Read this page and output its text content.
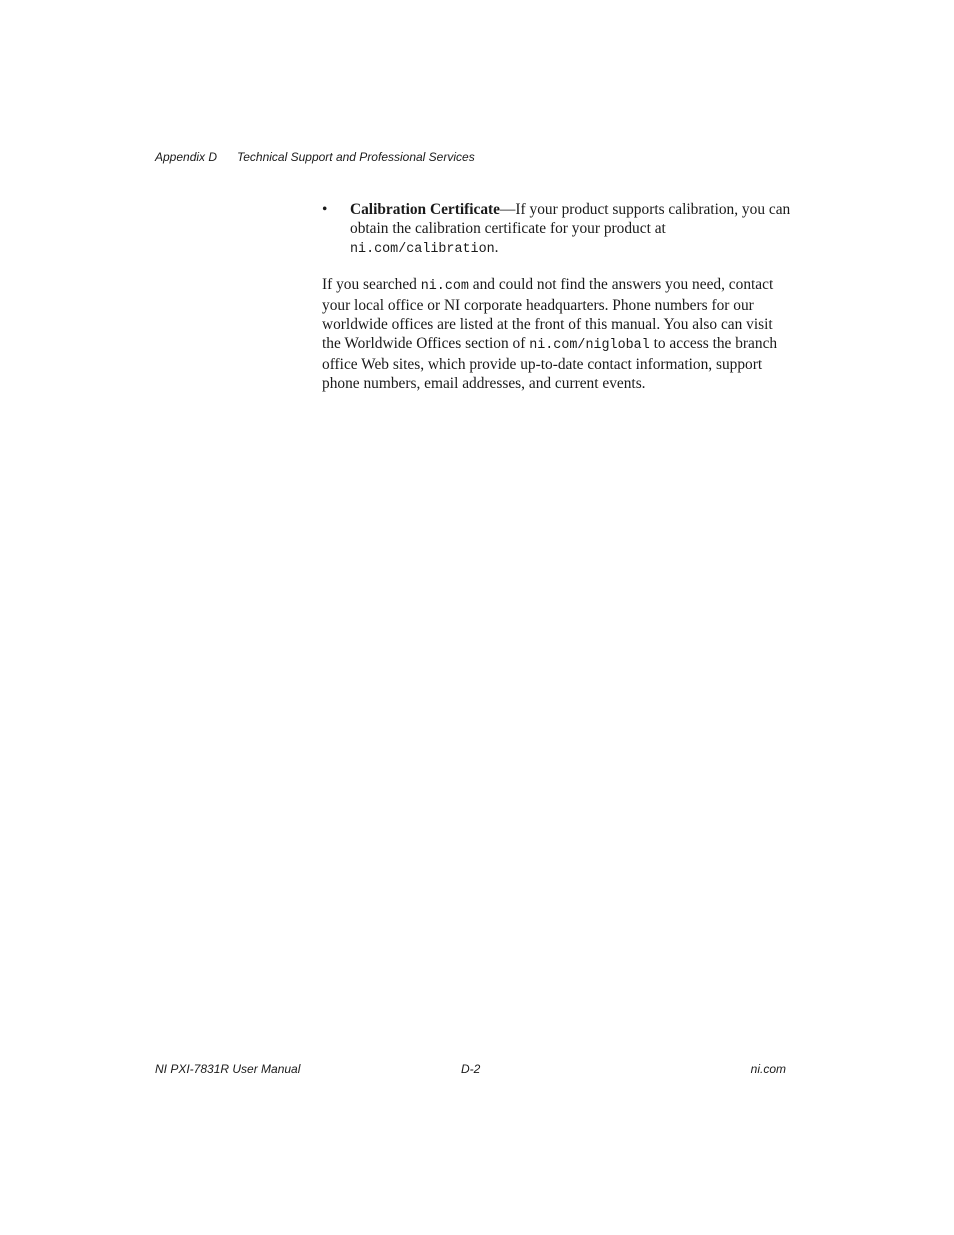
Appendix D	Technical Support and Professional Services
• Calibration Certificate—If your product supports calibration, you can obtain the calibration certificate for your product at ni.com/calibration.

If you searched ni.com and could not find the answers you need, contact your local office or NI corporate headquarters. Phone numbers for our worldwide offices are listed at the front of this manual. You also can visit the Worldwide Offices section of ni.com/niglobal to access the branch office Web sites, which provide up-to-date contact information, support phone numbers, email addresses, and current events.

NI PXI-7831R User Manual	D-2	ni.com
